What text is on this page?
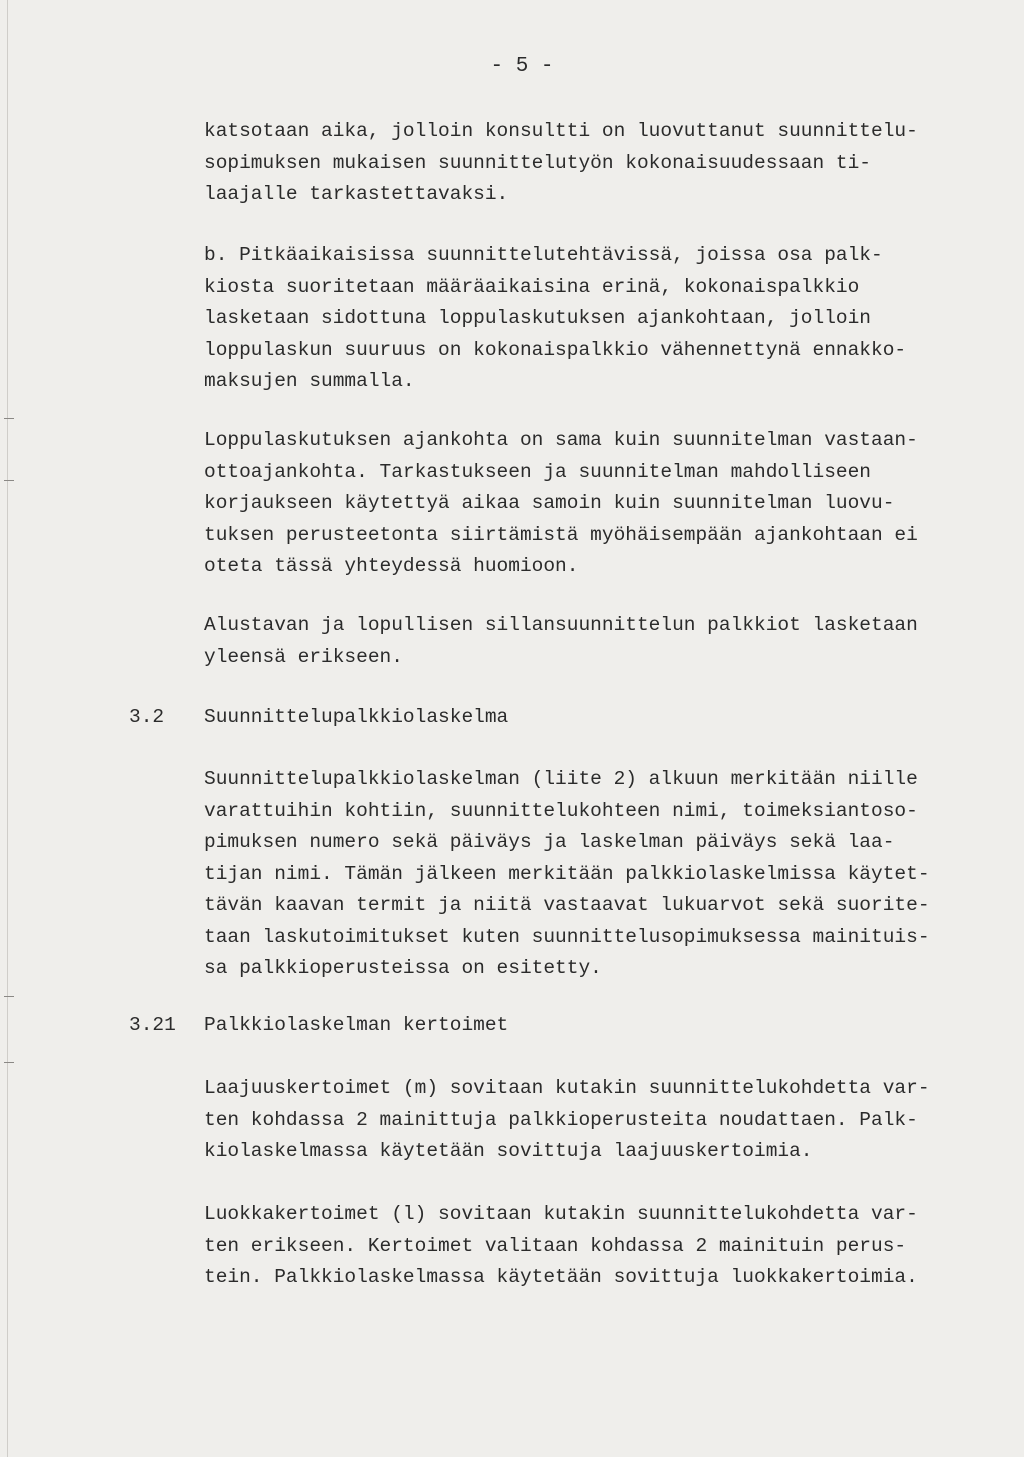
- 5 -

katsotaan aika, jolloin konsultti on luovuttanut suunnittelu-
sopimuksen mukaisen suunnittelutyön kokonaisuudessaan ti-
laajalle tarkastettavaksi.

b. Pitkäaikaisissa suunnittelutehtävissä, joissa osa palk-
kiosta suoritetaan määräaikaisina erinä, kokonaispalkkio
lasketaan sidottuna loppulaskutuksen ajankohtaan, jolloin
loppulaskun suuruus on kokonaispalkkio vähennettynä ennakko-
maksujen summalla.

Loppulaskutuksen ajankohta on sama kuin suunnitelman vastaan-
ottoajankohta. Tarkastukseen ja suunnitelman mahdolliseen
korjaukseen käytettyä aikaa samoin kuin suunnitelman luovu-
tuksen perusteetonta siirtämistä myöhäisempään ajankohtaan ei
oteta tässä yhteydessä huomioon.

Alustavan ja lopullisen sillansuunnittelun palkkiot lasketaan
yleensä erikseen.

3.2 Suunnittelupalkkiolaskelma

Suunnittelupalkkiolaskelman (liite 2) alkuun merkitään niille
varattuihin kohtiin, suunnittelukohteen nimi, toimeksiantoso-
pimuksen numero sekä päiväys ja laskelman päiväys sekä laa-
tijan nimi. Tämän jälkeen merkitään palkkiolaskelmissa käytet-
tävän kaavan termit ja niitä vastaavat lukuarvot sekä suorite-
taan laskutoimitukset kuten suunnittelusopimuksessa mainituis-
sa palkkioperusteissa on esitetty.

3.21 Palkkiolaskelman kertoimet

Laajuuskertoimet (m) sovitaan kutakin suunnittelukohdetta var-
ten kohdassa 2 mainittuja palkkioperusteita noudattaen. Palk-
kiolaskelmassa käytetään sovittuja laajuuskertoimia.

Luokkakertoimet (l) sovitaan kutakin suunnittelukohdetta var-
ten erikseen. Kertoimet valitaan kohdassa 2 mainituin perus-
tein. Palkkiolaskelmassa käytetään sovittuja luokkakertoimia.
